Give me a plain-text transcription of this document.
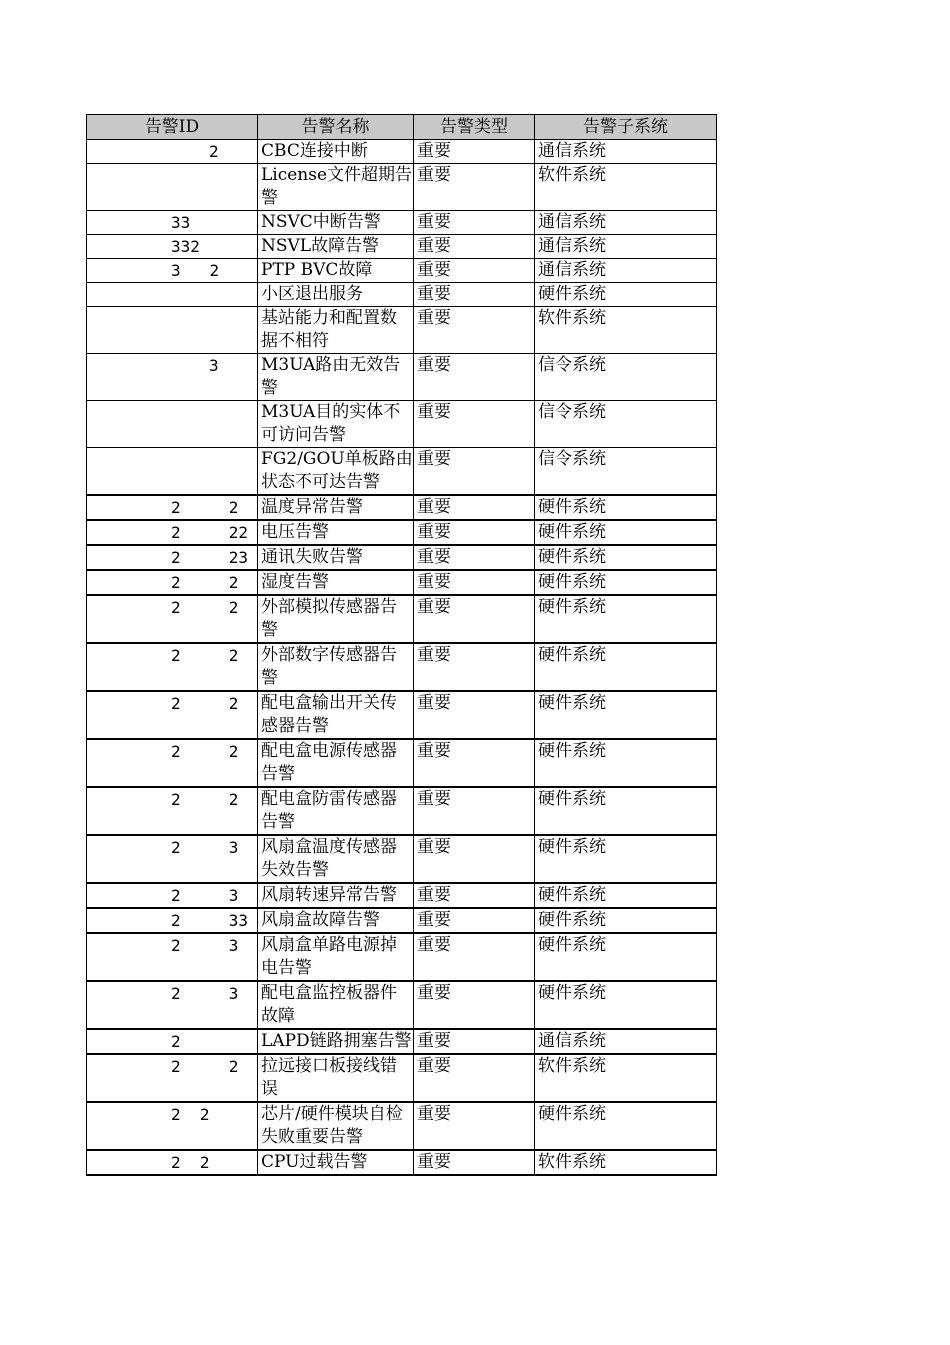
告警ID	告警名称	告警类型	告警子系统

2	CBC连接中断	重要	通信系统

	License文件超期告警	重要	软件系统

33	NSVC中断告警	重要	通信系统

332	NSVL故障告警	重要	通信系统

3   2	PTP BVC故障	重要	通信系统

	小区退出服务	重要	硬件系统

	基站能力和配置数据不相符	重要	软件系统

3	M3UA路由无效告警	重要	信令系统

	M3UA目的实体不可访问告警	重要	信令系统

	FG2/GOU单板路由状态不可达告警	重要	信令系统

2     2	温度异常告警	重要	硬件系统

2     22	电压告警	重要	硬件系统

2     23	通讯失败告警	重要	硬件系统

2     2	湿度告警	重要	硬件系统

2     2	外部模拟传感器告警	重要	硬件系统

2     2	外部数字传感器告警	重要	硬件系统

2     2	配电盒输出开关传感器告警	重要	硬件系统

2     2	配电盒电源传感器告警	重要	硬件系统

2     2	配电盒防雷传感器告警	重要	硬件系统

2     3	风扇盒温度传感器失效告警	重要	硬件系统

2     3	风扇转速异常告警	重要	硬件系统

2     33	风扇盒故障告警	重要	硬件系统

2     3	风扇盒单路电源掉电告警	重要	硬件系统

2     3	配电盒监控板器件故障	重要	硬件系统

2	LAPD链路拥塞告警	重要	通信系统

2     2	拉远接口板接线错误	重要	软件系统

2  2	芯片/硬件模块自检失败重要告警	重要	硬件系统

2  2	CPU过载告警	重要	软件系统
